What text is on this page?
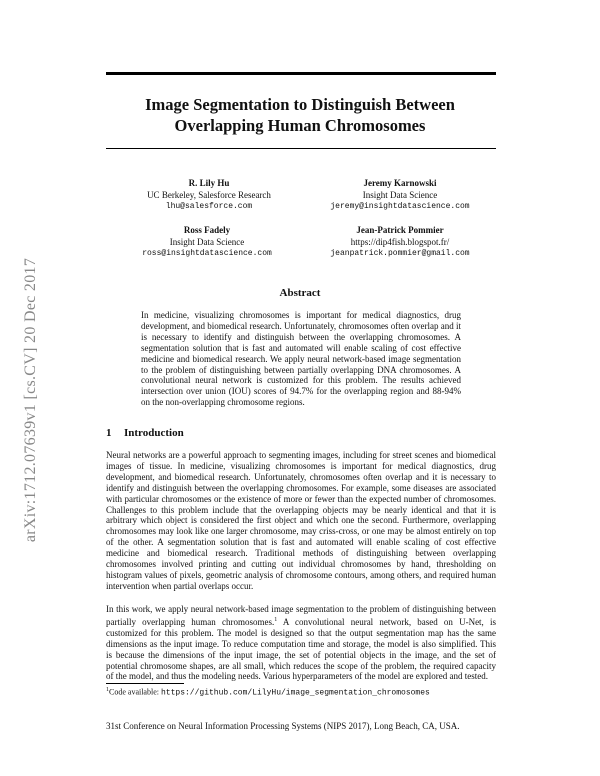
arXiv:1712.07639v1 [cs.CV] 20 Dec 2017
Image Segmentation to Distinguish Between
Overlapping Human Chromosomes
R. Lily Hu
UC Berkeley, Salesforce Research
lhu@salesforce.com
Jeremy Karnowski
Insight Data Science
jeremy@insightdatascience.com
Ross Fadely
Insight Data Science
ross@insightdatascience.com
Jean-Patrick Pommier
https://dip4fish.blogspot.fr/
jeanpatrick.pommier@gmail.com
Abstract

In medicine, visualizing chromosomes is important for medical diagnostics, drug development, and biomedical research. Unfortunately, chromosomes often overlap and it is necessary to identify and distinguish between the overlapping chromosomes. A segmentation solution that is fast and automated will enable scaling of cost effective medicine and biomedical research. We apply neural network-based image segmentation to the problem of distinguishing between partially overlapping DNA chromosomes. A convolutional neural network is customized for this problem. The results achieved intersection over union (IOU) scores of 94.7% for the overlapping region and 88-94% on the non-overlapping chromosome regions.

1 Introduction

Neural networks are a powerful approach to segmenting images, including for street scenes and biomedical images of tissue. In medicine, visualizing chromosomes is important for medical diagnostics, drug development, and biomedical research. Unfortunately, chromosomes often overlap and it is necessary to identify and distinguish between the overlapping chromosomes. For example, some diseases are associated with particular chromosomes or the existence of more or fewer than the expected number of chromosomes. Challenges to this problem include that the overlapping objects may be nearly identical and that it is arbitrary which object is considered the first object and which one the second. Furthermore, overlapping chromosomes may look like one larger chromosome, may criss-cross, or one may be almost entirely on top of the other. A segmentation solution that is fast and automated will enable scaling of cost effective medicine and biomedical research. Traditional methods of distinguishing between overlapping chromosomes involved printing and cutting out individual chromosomes by hand, thresholding on histogram values of pixels, geometric analysis of chromosome contours, among others, and required human intervention when partial overlaps occur.

In this work, we apply neural network-based image segmentation to the problem of distinguishing between partially overlapping human chromosomes.$^1$ A convolutional neural network, based on U-Net, is customized for this problem. The model is designed so that the output segmentation map has the same dimensions as the input image. To reduce computation time and storage, the model is also simplified. This is because the dimensions of the input image, the set of potential objects in the image, and the set of potential chromosome shapes, are all small, which reduces the scope of the problem, the required capacity of the model, and thus the modeling needs. Various hyperparameters of the model are explored and tested.

$^1$Code available: https://github.com/LilyHu/image_segmentation_chromosomes
31st Conference on Neural Information Processing Systems (NIPS 2017), Long Beach, CA, USA.
